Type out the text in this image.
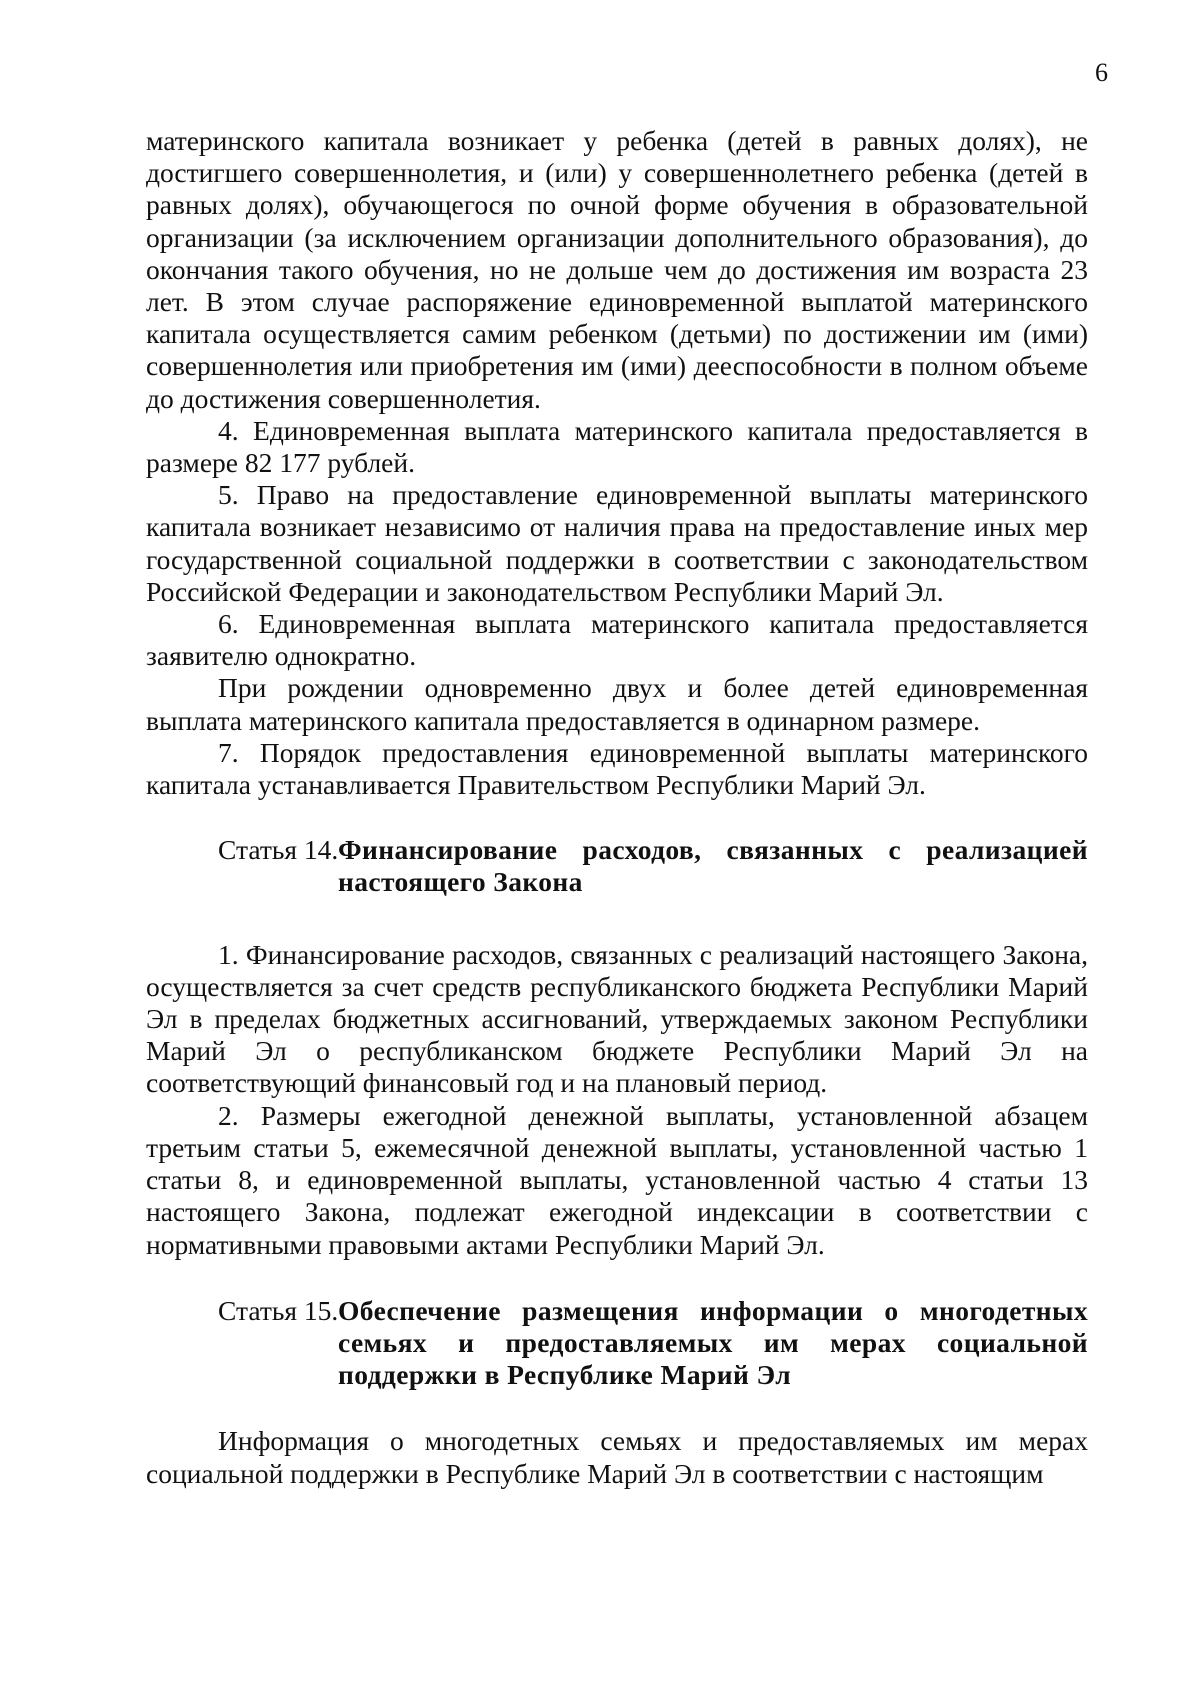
6

материнского капитала возникает у ребенка (детей в равных долях), не достигшего совершеннолетия, и (или) у совершеннолетнего ребенка (детей в равных долях), обучающегося по очной форме обучения в образовательной организации (за исключением организации дополнительного образования), до окончания такого обучения, но не дольше чем до достижения им возраста 23 лет. В этом случае распоряжение единовременной выплатой материнского капитала осуществляется самим ребенком (детьми) по достижении им (ими) совершеннолетия или приобретения им (ими) дееспособности в полном объеме до достижения совершеннолетия.

4. Единовременная выплата материнского капитала предоставляется в размере 82 177 рублей.

5. Право на предоставление единовременной выплаты материнского капитала возникает независимо от наличия права на предоставление иных мер государственной социальной поддержки в соответствии с законодательством Российской Федерации и законодательством Республики Марий Эл.

6. Единовременная выплата материнского капитала предоставляется заявителю однократно.

При рождении одновременно двух и более детей единовременная выплата материнского капитала предоставляется в одинарном размере.

7. Порядок предоставления единовременной выплаты материнского капитала устанавливается Правительством Республики Марий Эл.

Статья 14. Финансирование расходов, связанных с реализацией настоящего Закона

1. Финансирование расходов, связанных с реализаций настоящего Закона, осуществляется за счет средств республиканского бюджета Республики Марий Эл в пределах бюджетных ассигнований, утверждаемых законом Республики Марий Эл о республиканском бюджете Республики Марий Эл на соответствующий финансовый год и на плановый период.

2. Размеры ежегодной денежной выплаты, установленной абзацем третьим статьи 5, ежемесячной денежной выплаты, установленной частью 1 статьи 8, и единовременной выплаты, установленной частью 4 статьи 13 настоящего Закона, подлежат ежегодной индексации в соответствии с нормативными правовыми актами Республики Марий Эл.

Статья 15. Обеспечение размещения информации о многодетных семьях и предоставляемых им мерах социальной поддержки в Республике Марий Эл

Информация о многодетных семьях и предоставляемых им мерах социальной поддержки в Республике Марий Эл в соответствии с настоящим
